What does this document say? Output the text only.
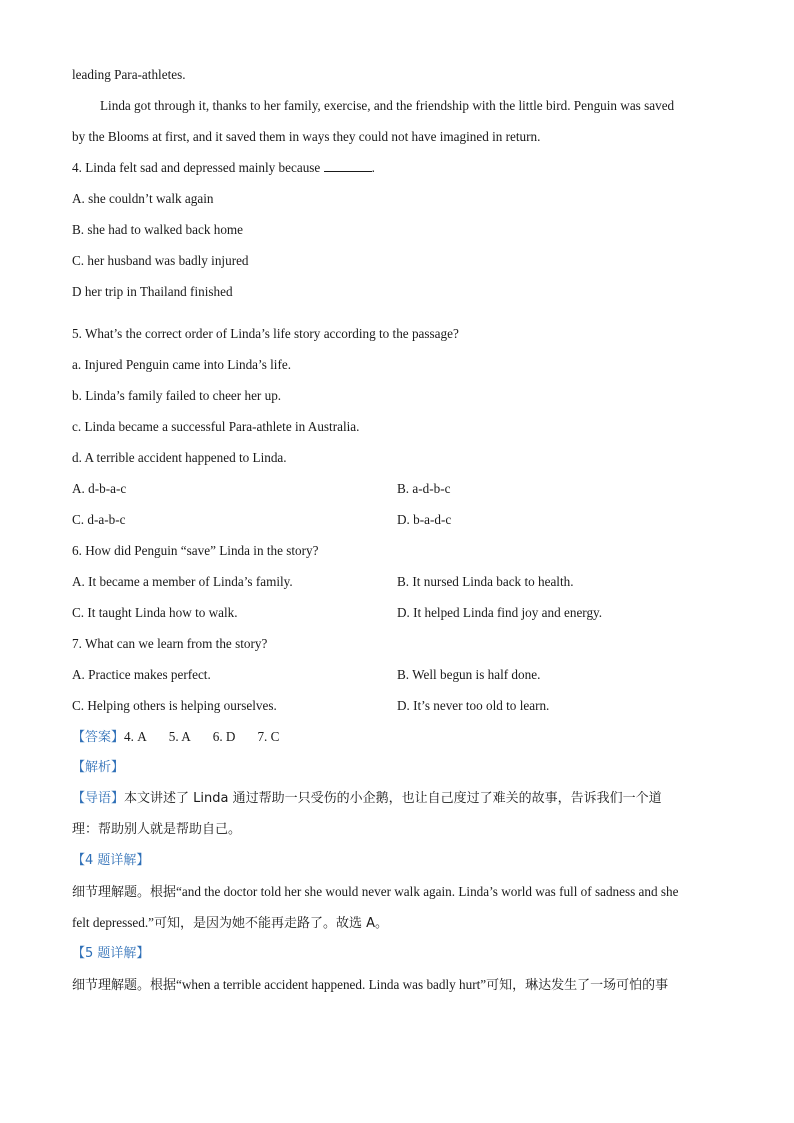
leading Para-athletes.
Linda got through it, thanks to her family, exercise, and the friendship with the little bird. Penguin was saved
by the Blooms at first, and it saved them in ways they could not have imagined in return.
4. Linda felt sad and depressed mainly because	.
A. she couldn’t walk again
B. she had to walked back home
C. her husband was badly injured
D her trip in Thailand finished
5. What’s the correct order of Linda’s life story according to the passage?
a. Injured Penguin came into Linda’s life.
b. Linda’s family failed to cheer her up.
c. Linda became a successful Para-athlete in Australia.
d. A terrible accident happened to Linda.
A. d-b-a-c	B. a-d-b-c
C. d-a-b-c	D. b-a-d-c
6. How did Penguin “save” Linda in the story?
A. It became a member of Linda’s family.	B. It nursed Linda back to health.
C. It taught Linda how to walk.	D. It helped Linda find joy and energy.
7. What can we learn from the story?
A. Practice makes perfect.	B. Well begun is half done.
C. Helping others is helping ourselves.	D. It’s never too old to learn.
【答案】4. A 5. A 6. D 7. C
【解析】
【导语】本文讲述了 Linda 通过帮助一只受伤的小企鹅，也让自己度过了难关的故事，告诉我们一个道
理：帮助别人就是帮助自己。
【4 题详解】
细节理解题。根据“and the doctor told her she would never walk again. Linda’s world was full of sadness and she
felt depressed.”可知，是因为她不能再走路了。故选 A。
【5 题详解】
细节理解题。根据“when a terrible accident happened. Linda was badly hurt”可知，琳达发生了一场可怕的事
